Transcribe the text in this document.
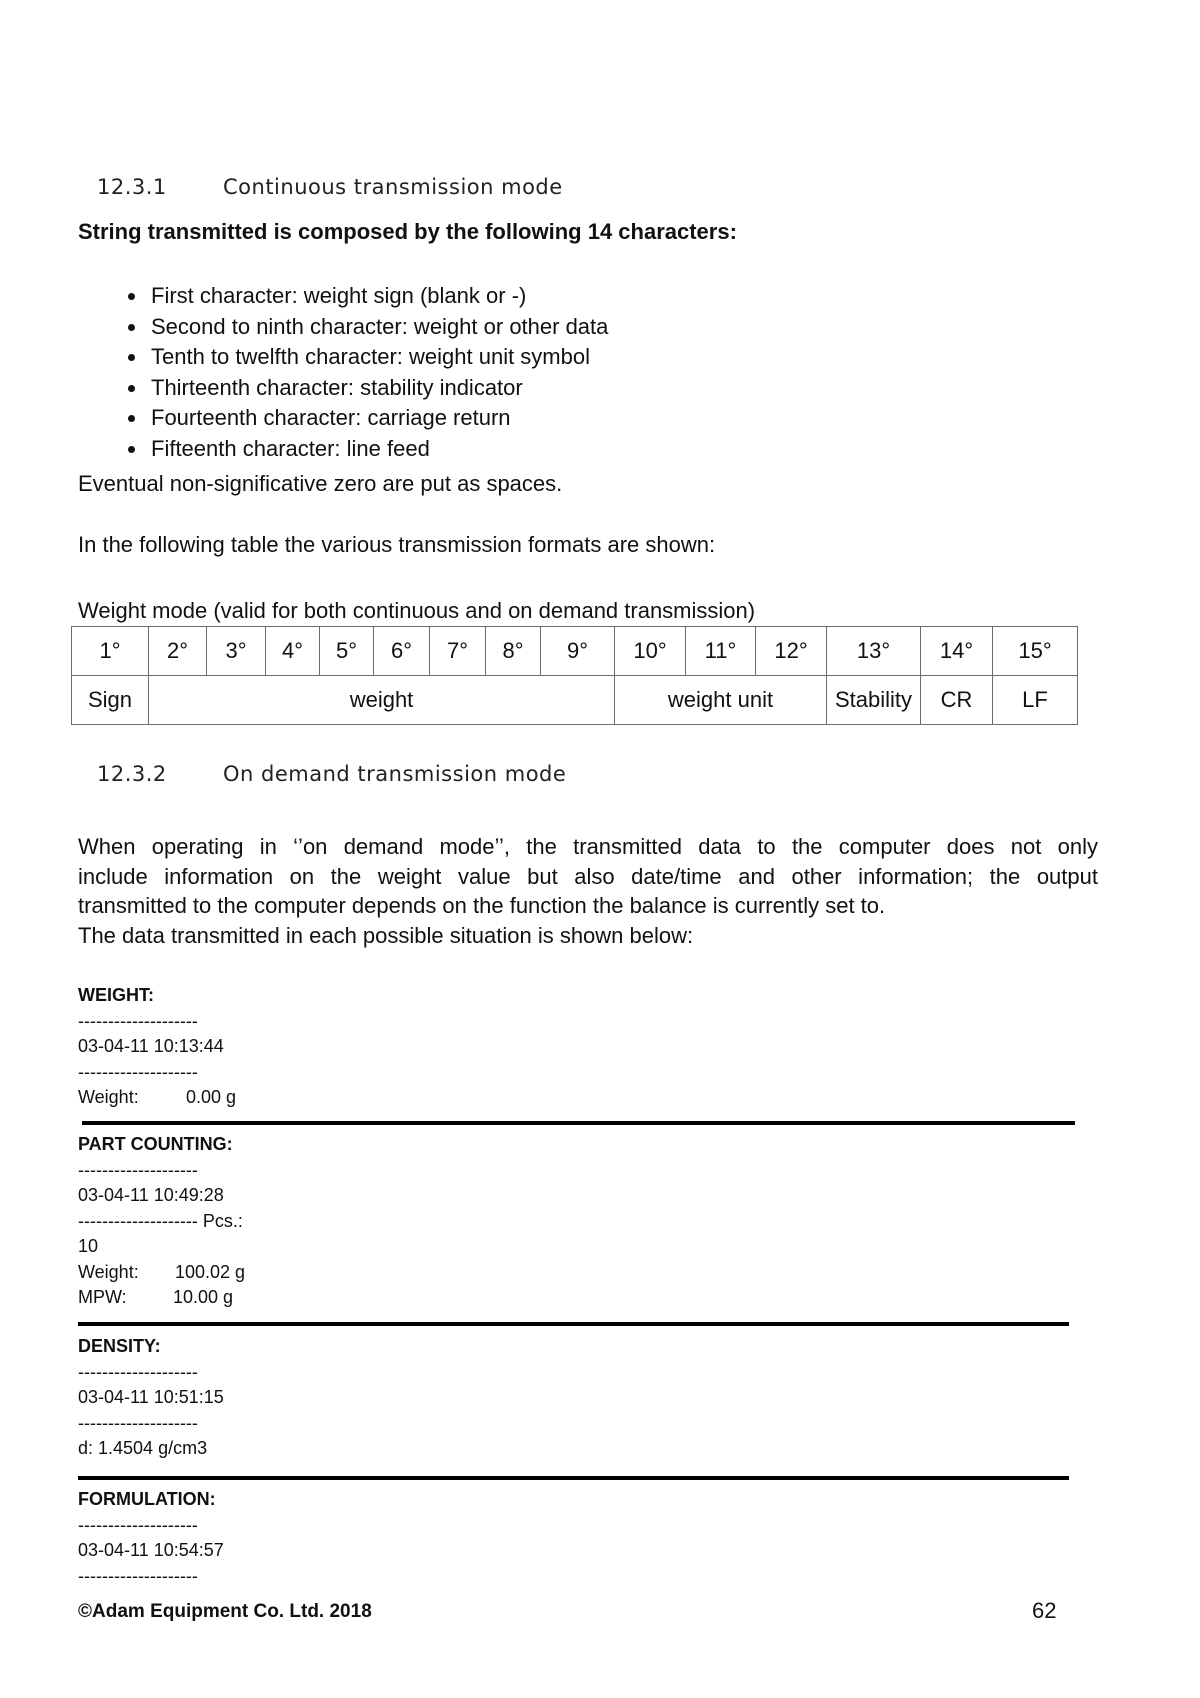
12.3.1	Continuous transmission mode
String transmitted is composed by the following 14 characters:
First character: weight sign (blank or -)
Second to ninth character: weight or other data
Tenth to twelfth character: weight unit symbol
Thirteenth character: stability indicator
Fourteenth character: carriage return
Fifteenth character: line feed
Eventual non-significative zero are put as spaces.
In the following table the various transmission formats are shown:
Weight mode (valid for both continuous and on demand transmission)
1°	2°	3°	4°	5°	6°	7°	8°	9°	10°	11°	12°	13°	14°	15°
Sign	weight								weight unit			Stability	CR	LF
12.3.2	On demand transmission mode
When operating in ‘’on demand mode’’, the transmitted data to the computer does not only
include information on the weight value but also date/time and other information; the output
transmitted to the computer depends on the function the balance is currently set to.
The data transmitted in each possible situation is shown below:
WEIGHT:
--------------------
03-04-11 10:13:44
--------------------
Weight:	0.00 g
PART COUNTING:
--------------------
03-04-11 10:49:28
-------------------- Pcs.:
10
Weight: 100.02 g
MPW:	10.00 g
DENSITY:
--------------------
03-04-11 10:51:15
--------------------
d: 1.4504 g/cm3
FORMULATION:
--------------------
03-04-11 10:54:57
--------------------
©Adam Equipment Co. Ltd. 2018	62
